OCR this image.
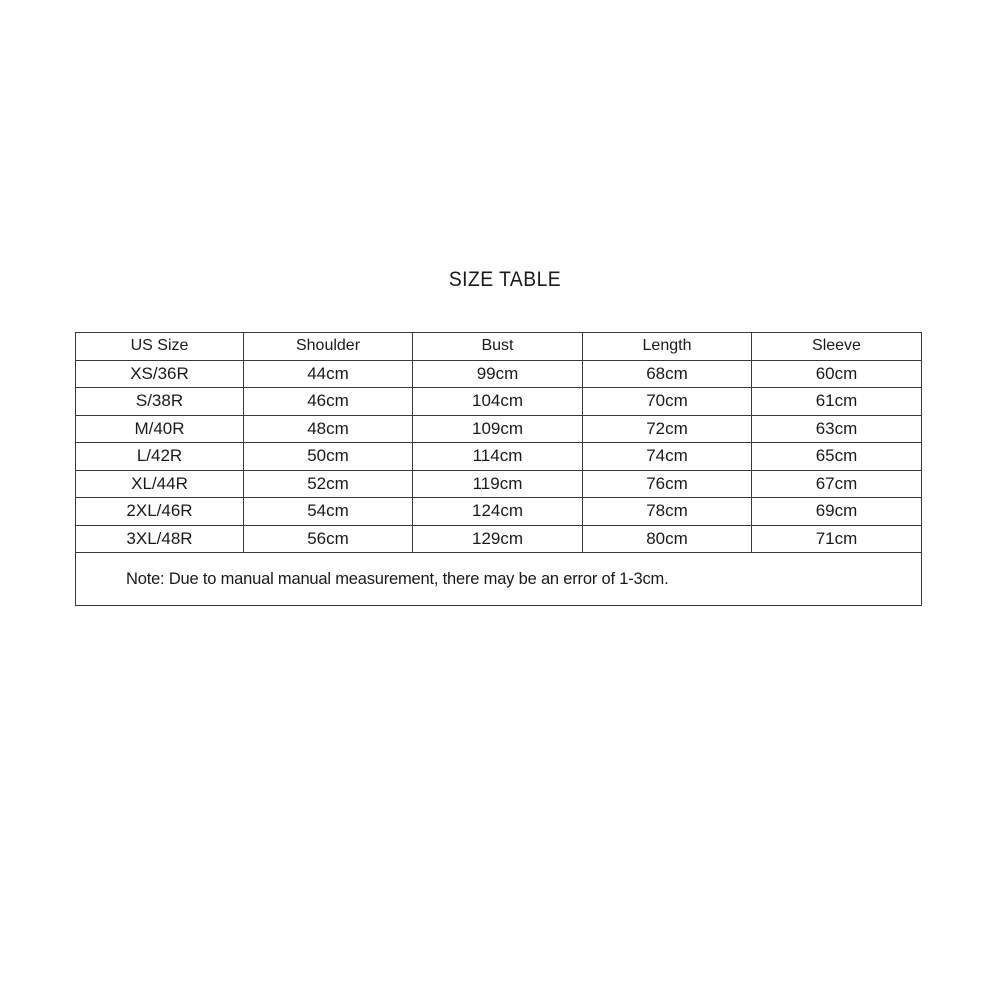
SIZE TABLE
US Size	Shoulder	Bust	Length	Sleeve
XS/36R	44cm	99cm	68cm	60cm
S/38R	46cm	104cm	70cm	61cm
M/40R	48cm	109cm	72cm	63cm
L/42R	50cm	114cm	74cm	65cm
XL/44R	52cm	119cm	76cm	67cm
2XL/46R	54cm	124cm	78cm	69cm
3XL/48R	56cm	129cm	80cm	71cm
Note: Due to manual manual measurement, there may be an error of 1-3cm.				
